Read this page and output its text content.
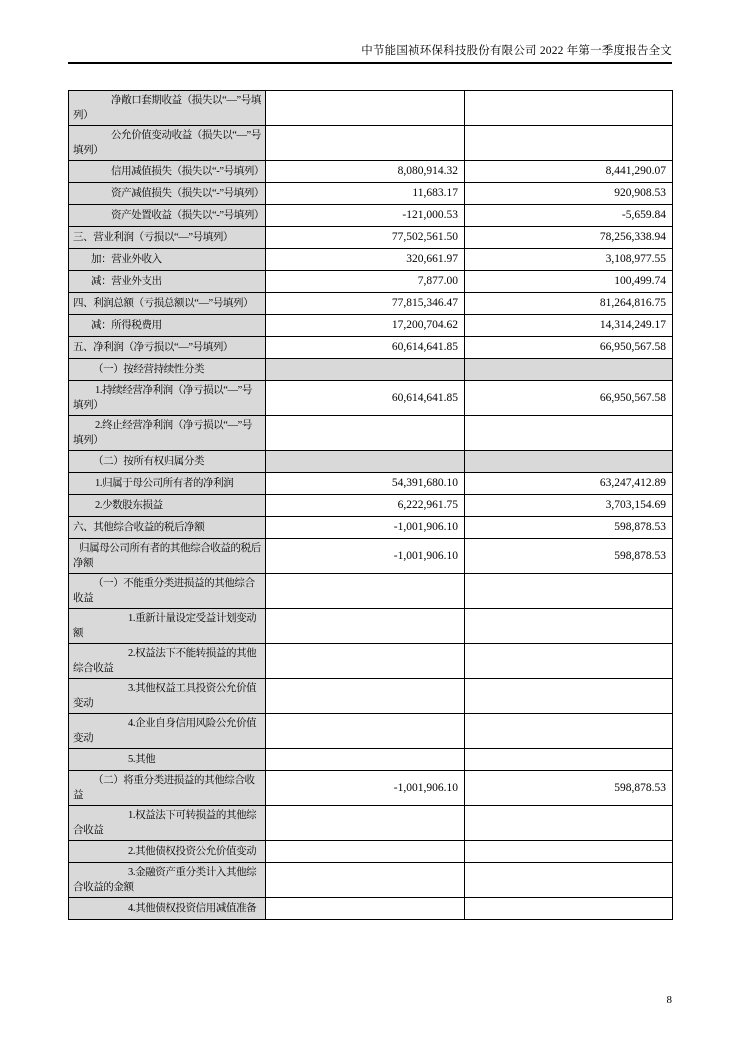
中节能国祯环保科技股份有限公司 2022 年第一季度报告全文
净敞口套期收益（损失以“—”号填列）		
公允价值变动收益（损失以“—”号填列）		
信用减值损失（损失以“-”号填列）	8,080,914.32	8,441,290.07
资产减值损失（损失以“-”号填列）	11,683.17	920,908.53
资产处置收益（损失以“-”号填列）	-121,000.53	-5,659.84
三、营业利润（亏损以“—”号填列）	77,502,561.50	78,256,338.94
加：营业外收入	320,661.97	3,108,977.55
减：营业外支出	7,877.00	100,499.74
四、利润总额（亏损总额以“—”号填列）	77,815,346.47	81,264,816.75
减：所得税费用	17,200,704.62	14,314,249.17
五、净利润（净亏损以“—”号填列）	60,614,641.85	66,950,567.58
（一）按经营持续性分类		
1.持续经营净利润（净亏损以“—”号填列）	60,614,641.85	66,950,567.58
2.终止经营净利润（净亏损以“—”号填列）		
（二）按所有权归属分类		
1.归属于母公司所有者的净利润	54,391,680.10	63,247,412.89
2.少数股东损益	6,222,961.75	3,703,154.69
六、其他综合收益的税后净额	-1,001,906.10	598,878.53
归属母公司所有者的其他综合收益的税后净额	-1,001,906.10	598,878.53
（一）不能重分类进损益的其他综合收益		
1.重新计量设定受益计划变动额		
2.权益法下不能转损益的其他综合收益		
3.其他权益工具投资公允价值变动		
4.企业自身信用风险公允价值变动		
5.其他		
（二）将重分类进损益的其他综合收益	-1,001,906.10	598,878.53
1.权益法下可转损益的其他综合收益		
2.其他债权投资公允价值变动		
3.金融资产重分类计入其他综合收益的金额		
4.其他债权投资信用减值准备		
8
